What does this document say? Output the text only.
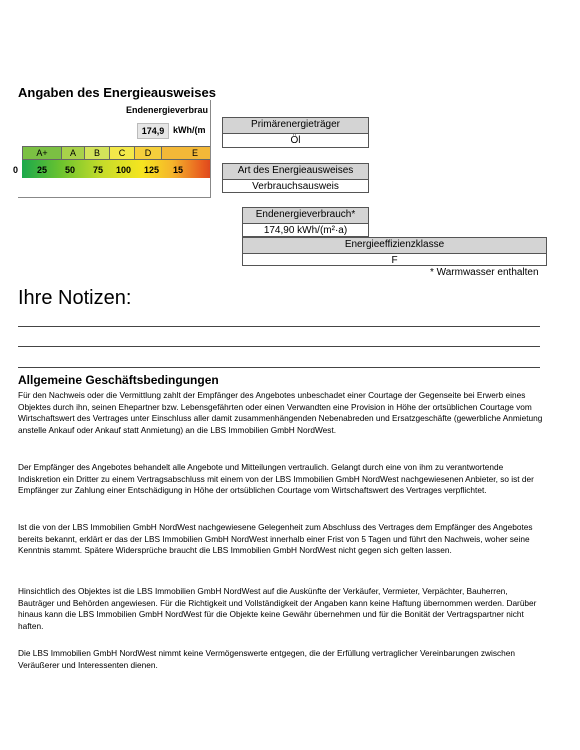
Angaben des Energieausweises
Endenergieverbrau
174,9 kWh/(m
A+	A	B	C	D	E
0 25 50 75 100 125 15
Primärenergieträger
Öl
Art des Energieausweises
Verbrauchsausweis
Endenergieverbrauch*
174,90 kWh/(m²·a)
Energieeffizienzklasse
F
* Warmwasser enthalten
Ihre Notizen:
Allgemeine Geschäftsbedingungen

Für den Nachweis oder die Vermittlung zahlt der Empfänger des Angebotes unbeschadet einer Courtage der Gegenseite bei Erwerb eines Objektes durch ihn, seinen Ehepartner bzw. Lebensgefährten oder einen Verwandten eine Provision in Höhe der ortsüblichen Courtage vom Wirtschaftswert des Vertrages unter Einschluss aller damit zusammenhängenden Nebenabreden und Ersatzgeschäfte (gewerbliche Anmietung anstelle Ankauf oder Ankauf statt Anmietung) an die LBS Immobilien GmbH NordWest.

Der Empfänger des Angebotes behandelt alle Angebote und Mitteilungen vertraulich. Gelangt durch eine von ihm zu verantwortende Indiskretion ein Dritter zu einem Vertragsabschluss mit einem von der LBS Immobilien GmbH NordWest nachgewiesenen Anbieter, so ist der Empfänger zur Zahlung einer Entschädigung in Höhe der ortsüblichen Courtage vom Wirtschaftswert des Vertrages verpflichtet.

Ist die von der LBS Immobilien GmbH NordWest nachgewiesene Gelegenheit zum Abschluss des Vertrages dem Empfänger des Angebotes bereits bekannt, erklärt er das der LBS Immobilien GmbH NordWest innerhalb einer Frist von 5 Tagen und führt den Nachweis, woher seine Kenntnis stammt. Spätere Widersprüche braucht die LBS Immobilien GmbH NordWest nicht gegen sich gelten lassen.

Hinsichtlich des Objektes ist die LBS Immobilien GmbH NordWest auf die Auskünfte der Verkäufer, Vermieter, Verpächter, Bauherren, Bauträger und Behörden angewiesen. Für die Richtigkeit und Vollständigkeit der Angaben kann keine Haftung übernommen werden. Darüber hinaus kann die LBS Immobilien GmbH NordWest für die Objekte keine Gewähr übernehmen und für die Bonität der Vertragspartner nicht haften.

Die LBS Immobilien GmbH NordWest nimmt keine Vermögenswerte entgegen, die der Erfüllung vertraglicher Vereinbarungen zwischen Veräußerer und Interessenten dienen.
